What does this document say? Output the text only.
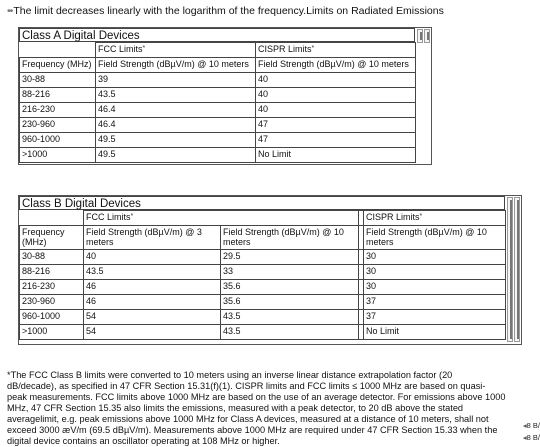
••The limit decreases linearly with the logarithm of the frequency.Limits on Radiated Emissions
Class A Digital Devices
	FCC Limits*	CISPR Limits*
Frequency (MHz)	Field Strength (dBµV/m) @ 10 meters	Field Strength (dBµV/m) @ 10 meters
30-88	39	40
88-216	43.5	40
216-230	46.4	40
230-960	46.4	47
960-1000	49.5	47
>1000	49.5	No Limit
Class B Digital Devices
	FCC Limits*			CISPR Limits*
Frequency (MHz)	Field Strength (dBµV/m) @ 3 meters	Field Strength (dBµV/m) @ 10 meters		Field Strength (dBµV/m) @ 10 meters
30-88	40	29.5		30
88-216	43.5	33		30
216-230	46	35.6		30
230-960	46	35.6		37
960-1000	54	43.5		37
>1000	54	43.5		No Limit
*The FCC Class B limits were converted to 10 meters using an inverse linear distance extrapolation factor (20
dB/decade), as specified in 47 CFR Section 15.31(f)(1). CISPR limits and FCC limits ≤ 1000 MHz are based on quasi-
peak measurements. FCC limits above 1000 MHz are based on the use of an average detector. For emissions above 1000
MHz, 47 CFR Section 15.35 also limits the emissions, measured with a peak detector, to 20 dB above the stated
averagelimit, e.g. peak emissions above 1000 MHz for Class A devices, measured at a distance of 10 meters, shall not
exceed 3000 æV/m (69.5 dBµV/m). Measurements above 1000 MHz are required under 47 CFR Section 15.33 when the
digital device contains an oscillator operating at 108 MHz or higher.
◂8 B/
◂8 B/
